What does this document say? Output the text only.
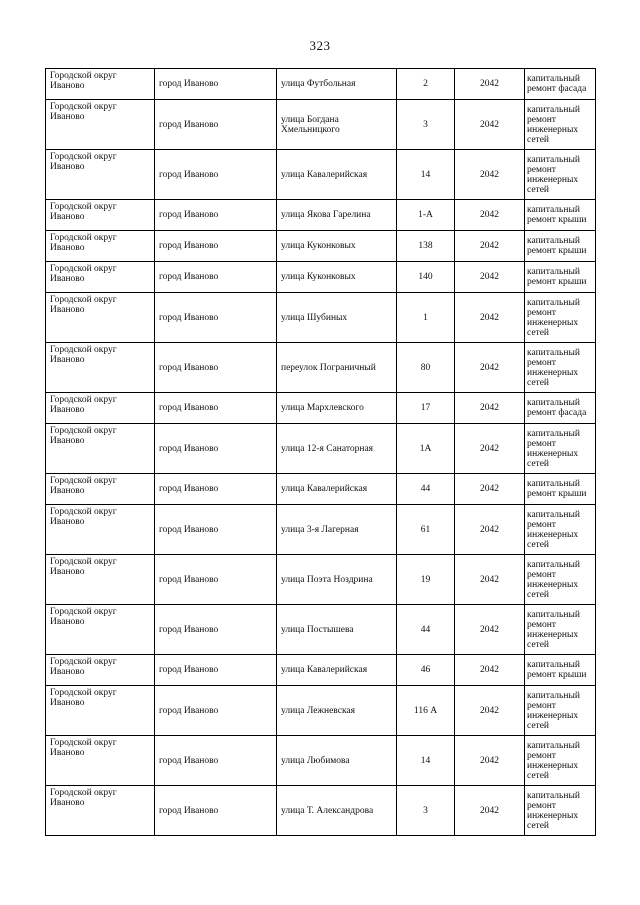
323
Городской округ Иваново	город Иваново	улица Футбольная	2	2042	капитальный ремонт фасада
Городской округ Иваново	город Иваново	улица Богдана Хмельницкого	3	2042	капитальный ремонт инженерных сетей
Городской округ Иваново	город Иваново	улица Кавалерийская	14	2042	капитальный ремонт инженерных сетей
Городской округ Иваново	город Иваново	улица Якова Гарелина	1-А	2042	капитальный ремонт крыши
Городской округ Иваново	город Иваново	улица Куконковых	138	2042	капитальный ремонт крыши
Городской округ Иваново	город Иваново	улица Куконковых	140	2042	капитальный ремонт крыши
Городской округ Иваново	город Иваново	улица Шубиных	1	2042	капитальный ремонт инженерных сетей
Городской округ Иваново	город Иваново	переулок Пограничный	80	2042	капитальный ремонт инженерных сетей
Городской округ Иваново	город Иваново	улица Мархлевского	17	2042	капитальный ремонт фасада
Городской округ Иваново	город Иваново	улица 12-я Санаторная	1А	2042	капитальный ремонт инженерных сетей
Городской округ Иваново	город Иваново	улица Кавалерийская	44	2042	капитальный ремонт крыши
Городской округ Иваново	город Иваново	улица 3-я Лагерная	61	2042	капитальный ремонт инженерных сетей
Городской округ Иваново	город Иваново	улица Поэта Ноздрина	19	2042	капитальный ремонт инженерных сетей
Городской округ Иваново	город Иваново	улица Постышева	44	2042	капитальный ремонт инженерных сетей
Городской округ Иваново	город Иваново	улица Кавалерийская	46	2042	капитальный ремонт крыши
Городской округ Иваново	город Иваново	улица Лежневская	116 А	2042	капитальный ремонт инженерных сетей
Городской округ Иваново	город Иваново	улица Любимова	14	2042	капитальный ремонт инженерных сетей
Городской округ Иваново	город Иваново	улица Т. Александрова	3	2042	капитальный ремонт инженерных сетей
